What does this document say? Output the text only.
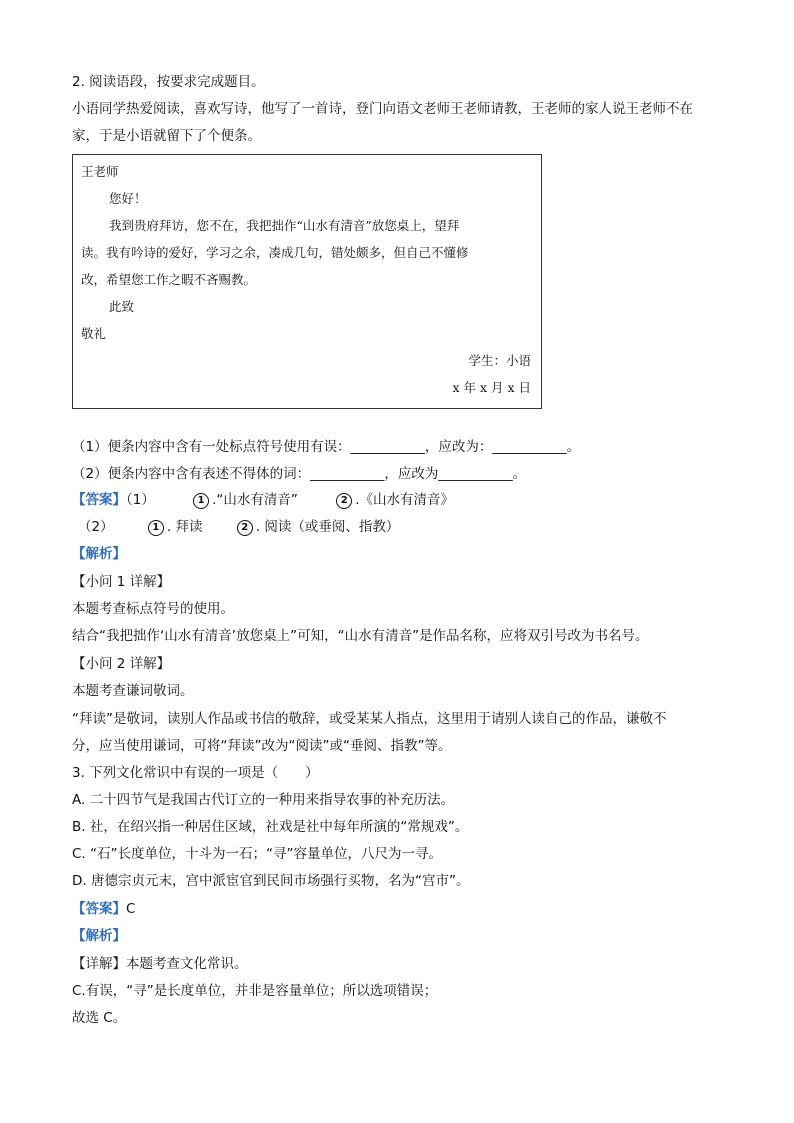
2. 阅读语段，按要求完成题目。
小语同学热爱阅读，喜欢写诗，他写了一首诗，登门向语文老师王老师请教，王老师的家人说王老师不在
家，于是小语就留下了个便条。
王老师
您好！
我到贵府拜访，您不在，我把拙作“山水有清音”放您桌上，望拜
读。我有吟诗的爱好，学习之余，凑成几句，错处颇多，但自己不懂修
改，希望您工作之暇不吝赐教。
此致
敬礼
学生：小语
x 年 x 月 x 日
（1）便条内容中含有一处标点符号使用有误：___________，应改为：___________。
（2）便条内容中含有表述不得体的词：___________，应改为___________。
【答案】（1）	1 .“山水有清音”	2 .《山水有清音》
（2）	1 . 拜读	2 . 阅读（或垂阅、指教）
【解析】
【小问 1 详解】
本题考查标点符号的使用。
结合“我把拙作‘山水有清音’放您桌上”可知，“山水有清音”是作品名称，应将双引号改为书名号。
【小问 2 详解】
本题考查谦词敬词。
“拜读”是敬词，读别人作品或书信的敬辞，或受某某人指点，这里用于请别人读自己的作品，谦敬不
分，应当使用谦词，可将“拜读”改为“阅读”或“垂阅、指教”等。
3. 下列文化常识中有误的一项是（　　）
A. 二十四节气是我国古代订立的一种用来指导农事的补充历法。
B. 社，在绍兴指一种居住区域，社戏是社中每年所演的“常规戏”。
C. “石”长度单位，十斗为一石；“寻”容量单位，八尺为一寻。
D. 唐德宗贞元末，宫中派宦官到民间市场强行买物，名为“宫市”。
【答案】C
【解析】
【详解】本题考查文化常识。
C.有误，“寻”是长度单位，并非是容量单位；所以选项错误；
故选 C。
